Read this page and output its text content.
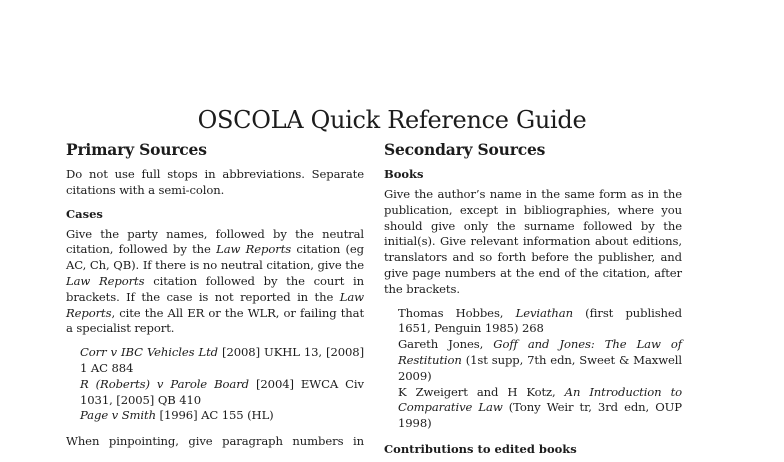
OSCOLA Quick Reference Guide
Primary Sources

Do not use full stops in abbreviations. Separate citations with a semi-colon.

Cases

Give the party names, followed by the neutral citation, followed by the Law Reports citation (eg AC, Ch, QB). If there is no neutral citation, give the Law Reports citation followed by the court in brackets. If the case is not reported in the Law Reports, cite the All ER or the WLR, or failing that a specialist report.

Corr v IBC Vehicles Ltd [2008] UKHL 13, [2008] 1 AC 884

R (Roberts) v Parole Board [2004] EWCA Civ 1031, [2005] QB 410

Page v Smith [1996] AC 155 (HL)

When pinpointing, give paragraph numbers in

Secondary Sources
Books

Give the author’s name in the same form as in the publication, except in bibliographies, where you should give only the surname followed by the initial(s). Give relevant information about editions, translators and so forth before the publisher, and give page numbers at the end of the citation, after the brackets.

Thomas Hobbes, Leviathan (first published 1651, Penguin 1985) 268

Gareth Jones, Goff and Jones: The Law of Restitution (1st supp, 7th edn, Sweet & Maxwell 2009)

K Zweigert and H Kotz, An Introduction to Comparative Law (Tony Weir tr, 3rd edn, OUP 1998)

Contributions to edited books
